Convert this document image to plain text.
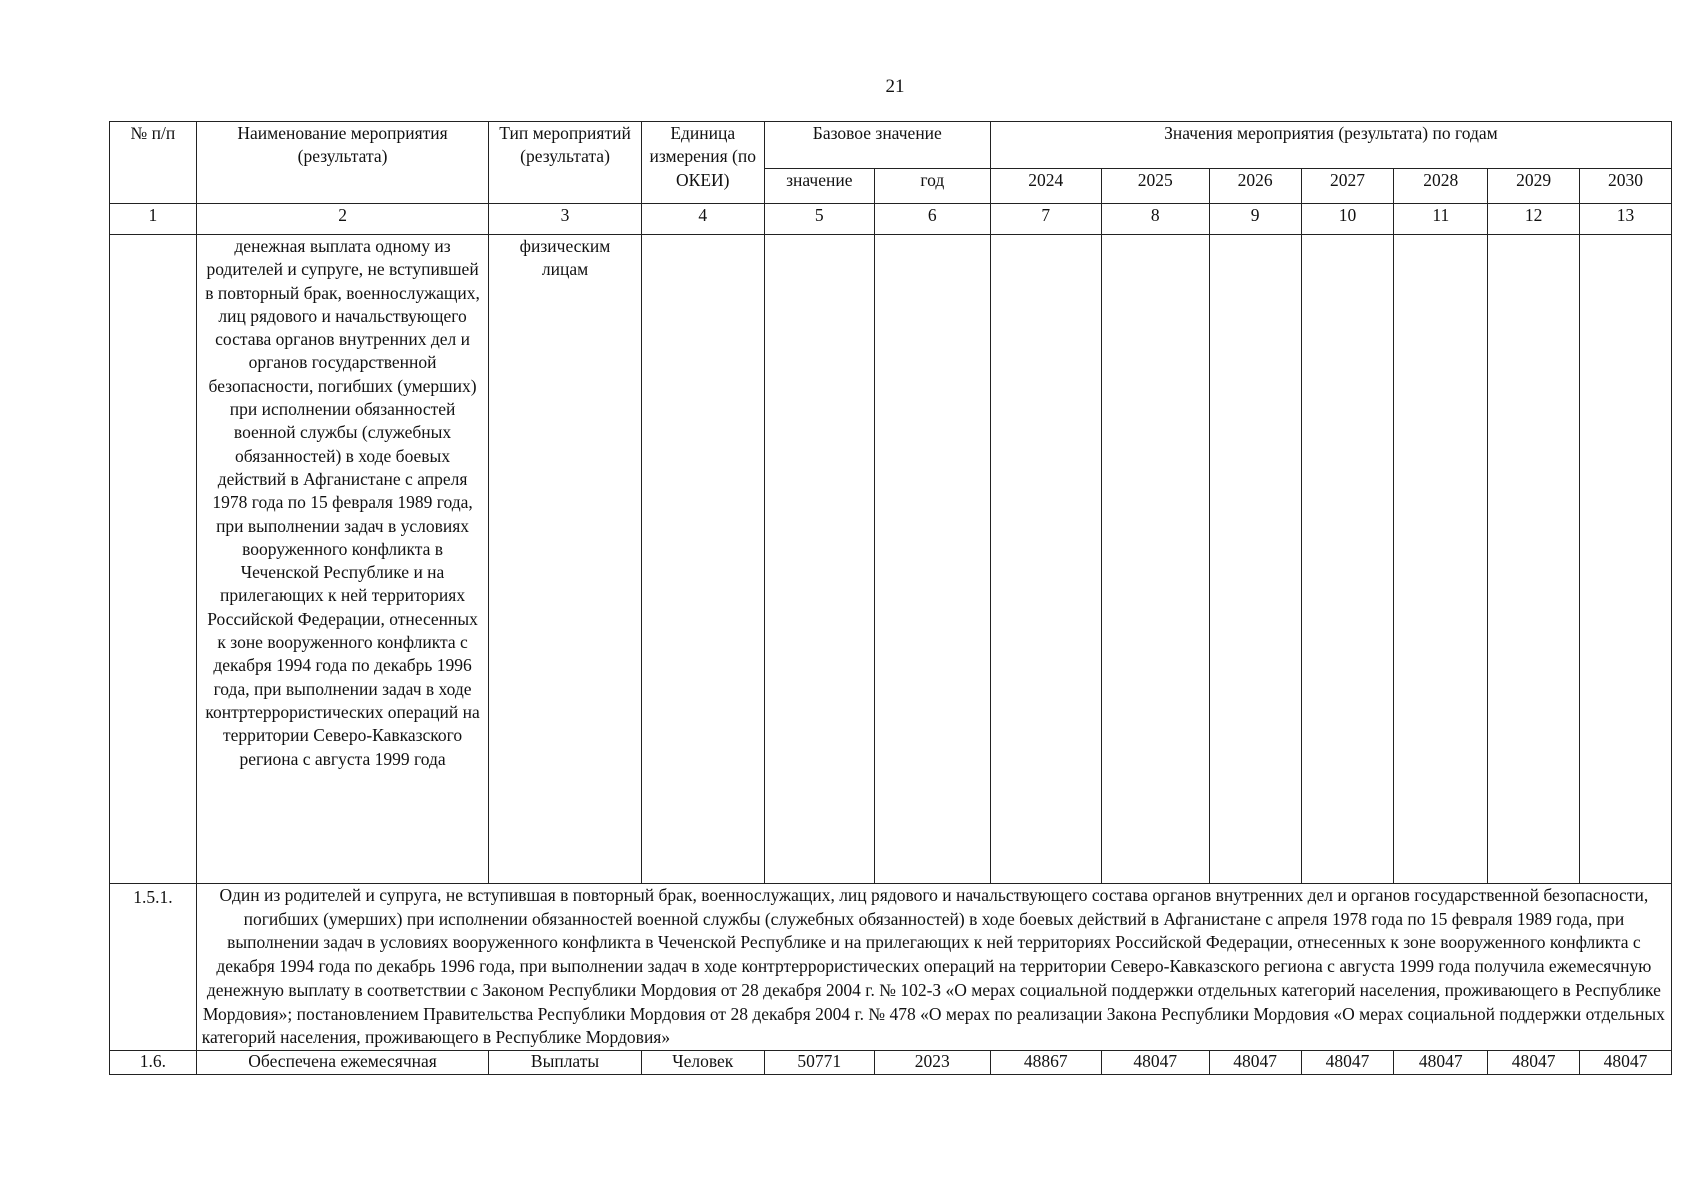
21
№ п/п	Наименование мероприятия (результата)	Тип мероприятий (результата)	Единица измерения (по ОКЕИ)	Базовое значение		Значения мероприятия (результата) по годам						
				значение	год	2024	2025	2026	2027	2028	2029	2030
1	2	3	4	5	6	7	8	9	10	11	12	13
	денежная выплата одному из родителей и супруге, не вступившей в повторный брак, военнослужащих, лиц рядового и начальствующего состава органов внутренних дел и органов государственной безопасности, погибших (умерших) при исполнении обязанностей военной службы (служебных обязанностей) в ходе боевых действий в Афганистане с апреля 1978 года по 15 февраля 1989 года, при выполнении задач в условиях вооруженного конфликта в Чеченской Республике и на прилегающих к ней территориях Российской Федерации, отнесенных к зоне вооруженного конфликта с декабря 1994 года по декабрь 1996 года, при выполнении задач в ходе контртеррористических операций на территории Северо-Кавказского региона с августа 1999 года	физическим лицам										
1.5.1.	Один из родителей и супруга, не вступившая в повторный брак, военнослужащих, лиц рядового и начальствующего состава органов внутренних дел и органов государственной безопасности, погибших (умерших) при исполнении обязанностей военной службы (служебных обязанностей) в ходе боевых действий в Афганистане с апреля 1978 года по 15 февраля 1989 года, при выполнении задач в условиях вооруженного конфликта в Чеченской Республике и на прилегающих к ней территориях Российской Федерации, отнесенных к зоне вооруженного конфликта с декабря 1994 года по декабрь 1996 года, при выполнении задач в ходе контртеррористических операций на территории Северо-Кавказского региона с августа 1999 года получила ежемесячную денежную выплату в соответствии с Законом Республики Мордовия от 28 декабря 2004 г. № 102-З «О мерах социальной поддержки отдельных категорий населения, проживающего в Республике Мордовия»; постановлением Правительства Республики Мордовия от 28 декабря 2004 г. № 478 «О мерах по реализации Закона Республики Мордовия «О мерах социальной поддержки отдельных категорий населения, проживающего в Республике Мордовия»											
1.6.	Обеспечена ежемесячная	Выплаты	Человек	50771	2023	48867	48047	48047	48047	48047	48047	48047
